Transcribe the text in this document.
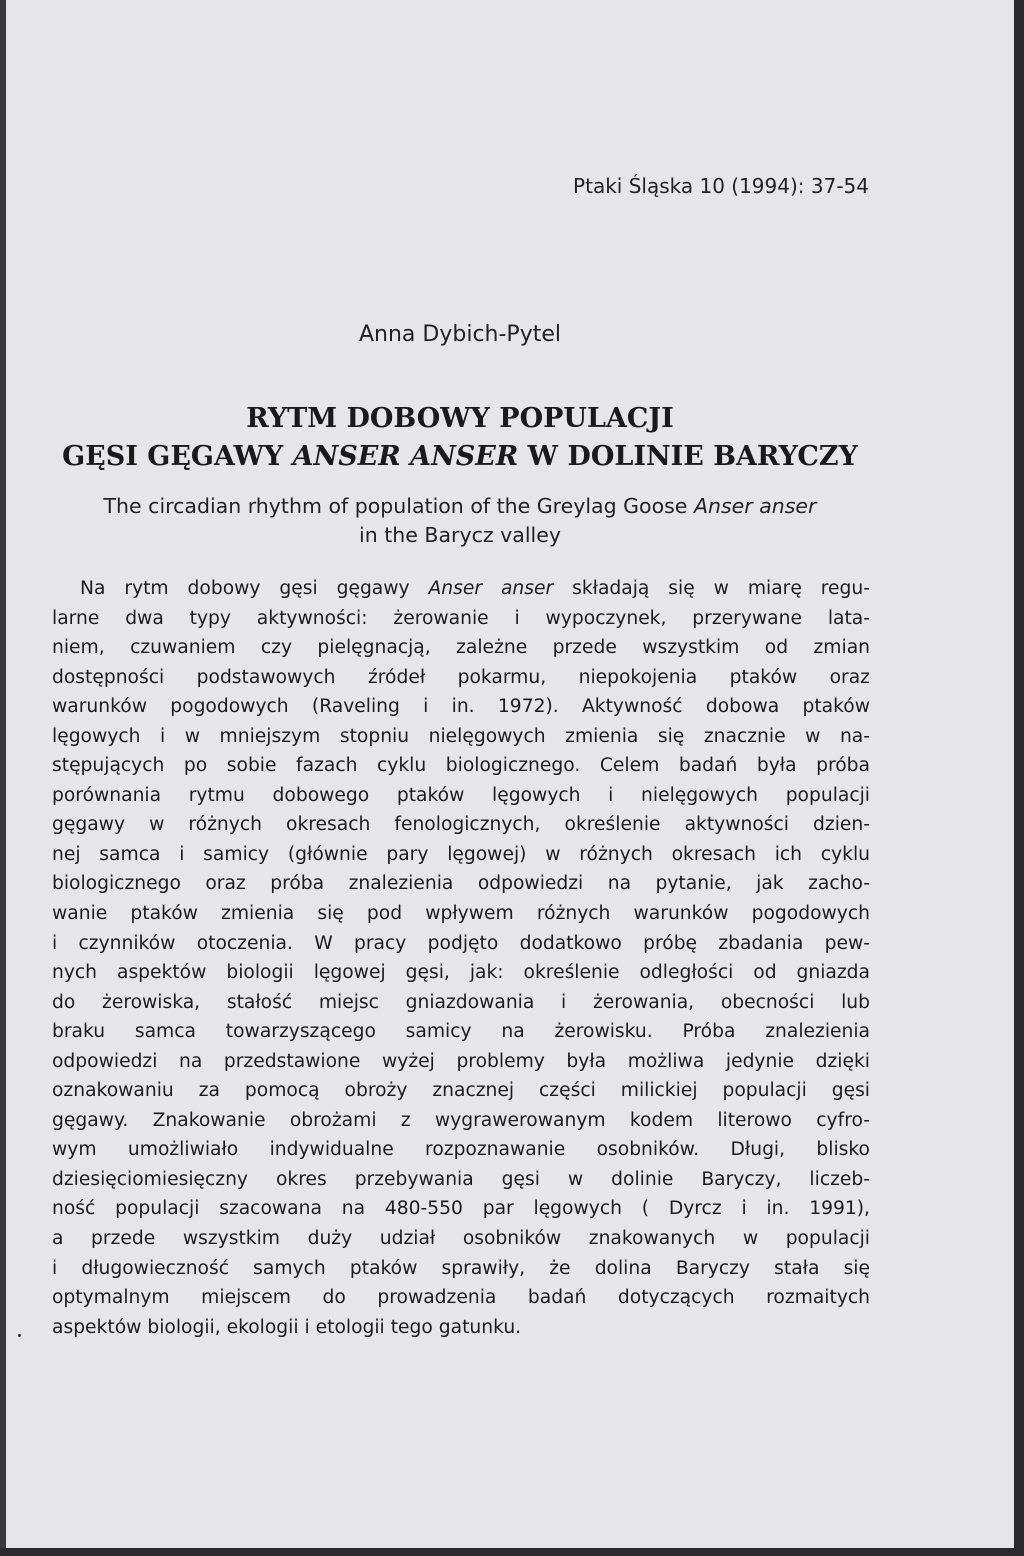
Ptaki Śląska 10 (1994): 37-54
Anna Dybich-Pytel
RYTM DOBOWY POPULACJI
GĘSI GĘGAWY ANSER ANSER W DOLINIE BARYCZY
The circadian rhythm of population of the Greylag Goose Anser anser
in the Barycz valley
Na rytm dobowy gęsi gęgawy Anser anser składają się w miarę regu-
larne dwa typy aktywności: żerowanie i wypoczynek, przerywane lata-
niem, czuwaniem czy pielęgnacją, zależne przede wszystkim od zmian
dostępności podstawowych źródeł pokarmu, niepokojenia ptaków oraz
warunków pogodowych (Raveling i in. 1972). Aktywność dobowa ptaków
lęgowych i w mniejszym stopniu nielęgowych zmienia się znacznie w na-
stępujących po sobie fazach cyklu biologicznego. Celem badań była próba
porównania rytmu dobowego ptaków lęgowych i nielęgowych populacji
gęgawy w różnych okresach fenologicznych, określenie aktywności dzien-
nej samca i samicy (głównie pary lęgowej) w różnych okresach ich cyklu
biologicznego oraz próba znalezienia odpowiedzi na pytanie, jak zacho-
wanie ptaków zmienia się pod wpływem różnych warunków pogodowych
i czynników otoczenia. W pracy podjęto dodatkowo próbę zbadania pew-
nych aspektów biologii lęgowej gęsi, jak: określenie odległości od gniazda
do żerowiska, stałość miejsc gniazdowania i żerowania, obecności lub
braku samca towarzyszącego samicy na żerowisku. Próba znalezienia
odpowiedzi na przedstawione wyżej problemy była możliwa jedynie dzięki
oznakowaniu za pomocą obroży znacznej części milickiej populacji gęsi
gęgawy. Znakowanie obrożami z wygrawerowanym kodem literowo cyfro-
wym umożliwiało indywidualne rozpoznawanie osobników. Długi, blisko
dziesięciomiesięczny okres przebywania gęsi w dolinie Baryczy, liczeb-
ność populacji szacowana na 480-550 par lęgowych ( Dyrcz i in. 1991),
a przede wszystkim duży udział osobników znakowanych w populacji
i długowieczność samych ptaków sprawiły, że dolina Baryczy stała się
optymalnym miejscem do prowadzenia badań dotyczących rozmaitych
aspektów biologii, ekologii i etologii tego gatunku.
